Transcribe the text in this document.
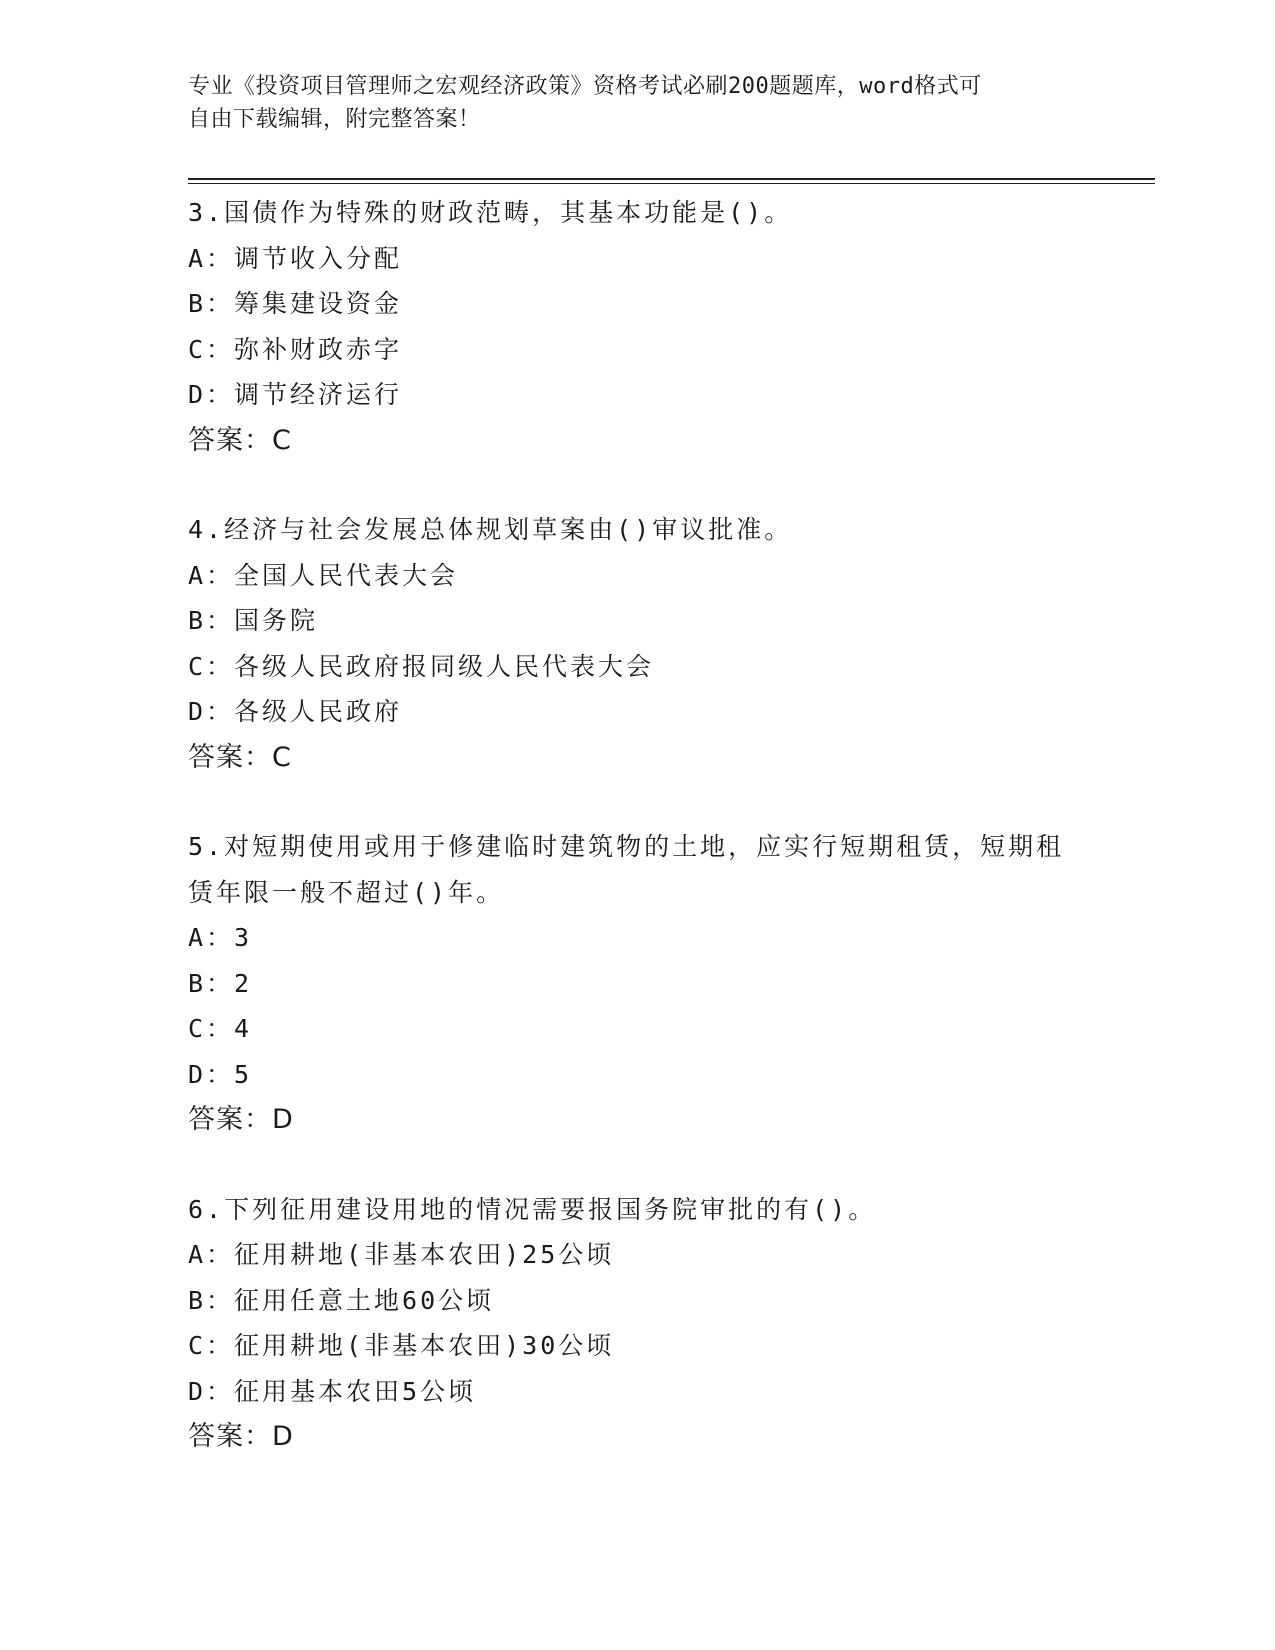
专业《投资项目管理师之宏观经济政策》资格考试必刷200题题库，word格式可
自由下载编辑，附完整答案！
3.国债作为特殊的财政范畴，其基本功能是()。
A：调节收入分配
B：筹集建设资金
C：弥补财政赤字
D：调节经济运行
答案：C
4.经济与社会发展总体规划草案由()审议批准。
A：全国人民代表大会
B：国务院
C：各级人民政府报同级人民代表大会
D：各级人民政府
答案：C
5.对短期使用或用于修建临时建筑物的土地，应实行短期租赁，短期租赁年限一般不超过()年。
A：3
B：2
C：4
D：5
答案：D
6.下列征用建设用地的情况需要报国务院审批的有()。
A：征用耕地(非基本农田)25公顷
B：征用任意土地60公顷
C：征用耕地(非基本农田)30公顷
D：征用基本农田5公顷
答案：D
